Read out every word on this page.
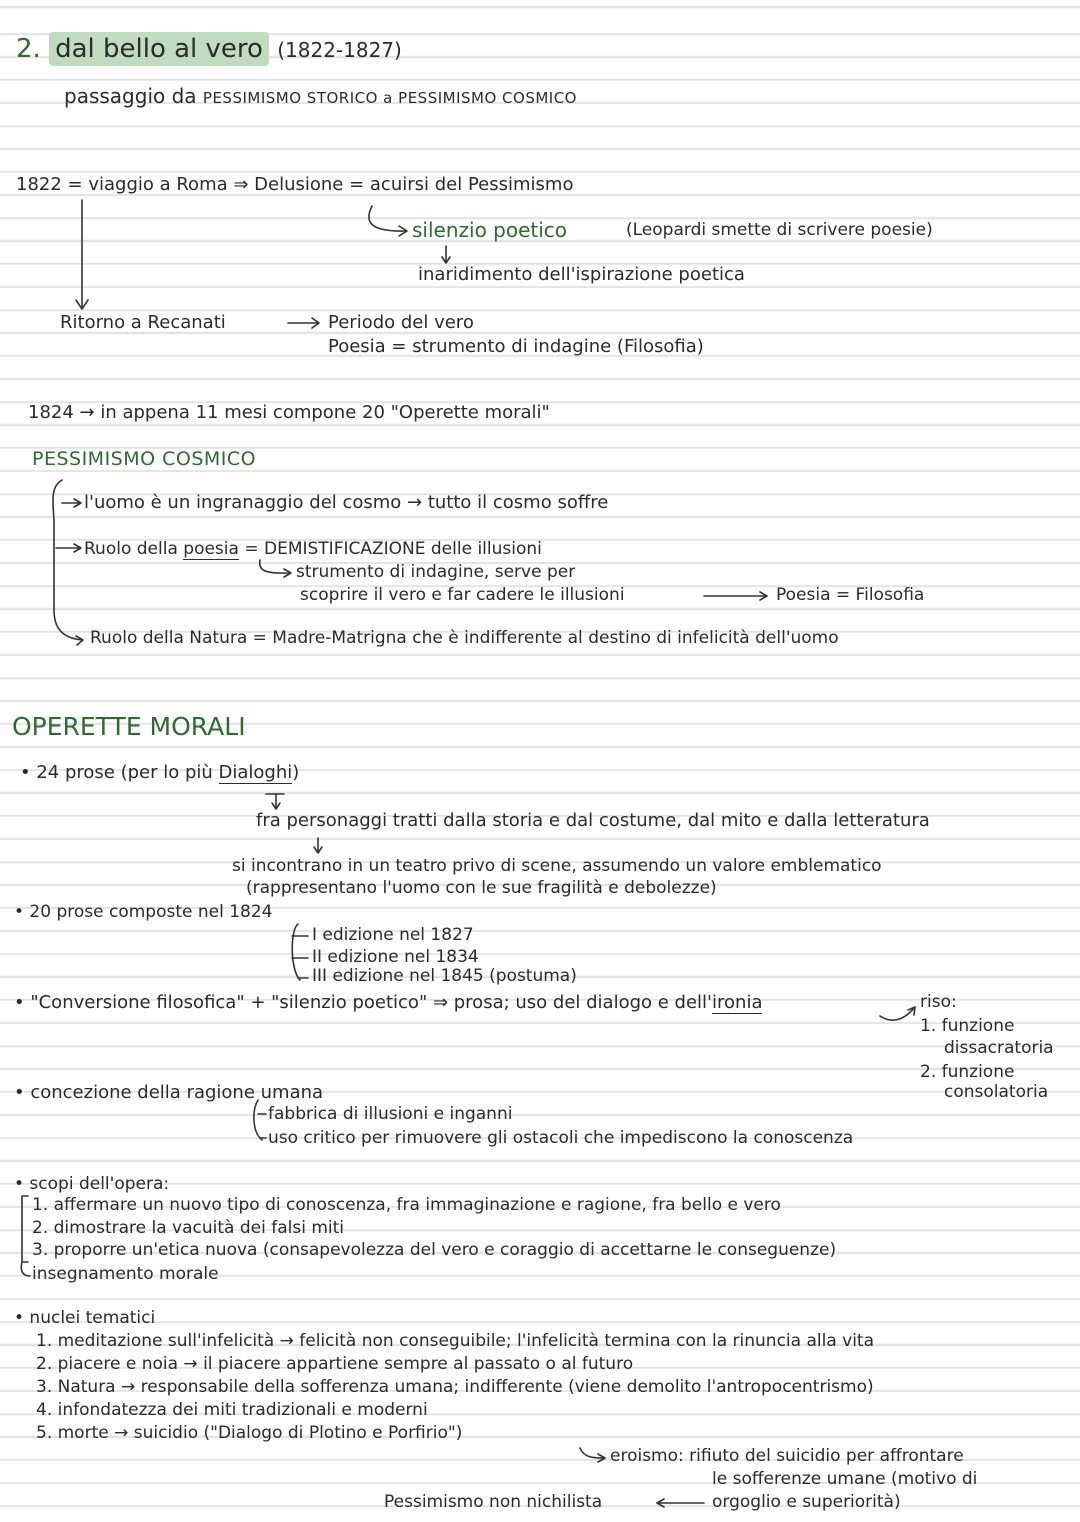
2. dal bello al vero (1822-1827)
passaggio da PESSIMISMO STORICO a PESSIMISMO COSMICO
1822 = viaggio a Roma ⇒ Delusione = acuirsi del Pessimismo
silenzio poetico	(Leopardi smette di scrivere poesie)
inaridimento dell'ispirazione poetica
Ritorno a Recanati	Periodo del vero
Poesia = strumento di indagine (Filosofia)
1824 → in appena 11 mesi compone 20 "Operette morali"
PESSIMISMO COSMICO
l'uomo è un ingranaggio del cosmo → tutto il cosmo soffre
Ruolo della poesia = DEMISTIFICAZIONE delle illusioni
strumento di indagine, serve per
scoprire il vero e far cadere le illusioni	Poesia = Filosofia
Ruolo della Natura = Madre-Matrigna che è indifferente al destino di infelicità dell'uomo
OPERETTE MORALI
• 24 prose (per lo più Dialoghi)
fra personaggi tratti dalla storia e dal costume, dal mito e dalla letteratura
si incontrano in un teatro privo di scene, assumendo un valore emblematico
(rappresentano l'uomo con le sue fragilità e debolezze)
• 20 prose composte nel 1824
I edizione nel 1827
II edizione nel 1834
III edizione nel 1845 (postuma)
• "Conversione filosofica" + "silenzio poetico" ⇒ prosa; uso del dialogo e dell'ironia	riso:
1. funzione
dissacratoria
2. funzione
consolatoria
• concezione della ragione umana
fabbrica di illusioni e inganni
uso critico per rimuovere gli ostacoli che impediscono la conoscenza
• scopi dell'opera:
1. affermare un nuovo tipo di conoscenza, fra immaginazione e ragione, fra bello e vero
2. dimostrare la vacuità dei falsi miti
3. proporre un'etica nuova (consapevolezza del vero e coraggio di accettarne le conseguenze)
insegnamento morale
• nuclei tematici
1. meditazione sull'infelicità → felicità non conseguibile; l'infelicità termina con la rinuncia alla vita
2. piacere e noia → il piacere appartiene sempre al passato o al futuro
3. Natura → responsabile della sofferenza umana; indifferente (viene demolito l'antropocentrismo)
4. infondatezza dei miti tradizionali e moderni
5. morte → suicidio ("Dialogo di Plotino e Porfirio")
eroismo: rifiuto del suicidio per affrontare
le sofferenze umane (motivo di
orgoglio e superiorità)
Pessimismo non nichilista
